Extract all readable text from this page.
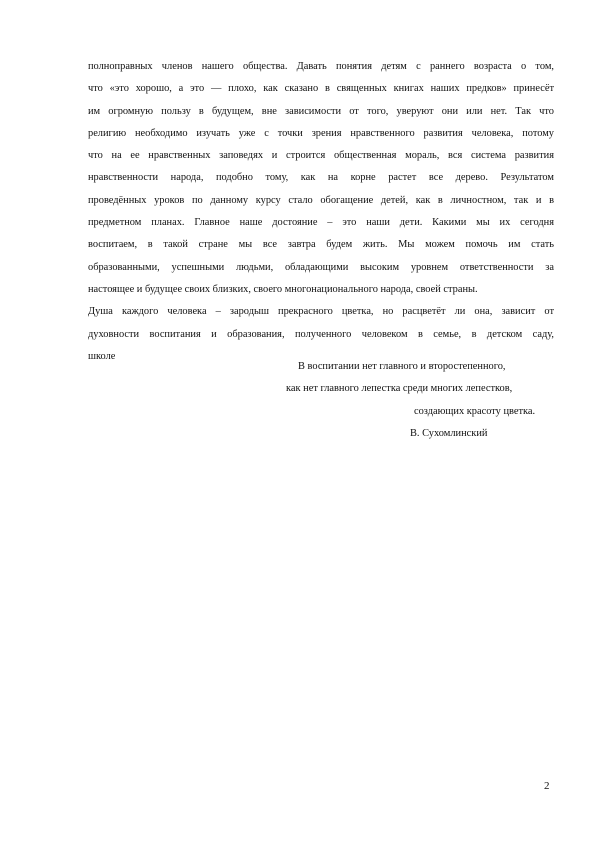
полноправных членов нашего общества. Давать понятия детям с раннего возраста о том,
что «это хорошо, а это — плохо, как сказано в священных книгах наших предков» принесёт
им огромную пользу в будущем, вне зависимости от того, уверуют они или нет. Так что
религию необходимо изучать уже с точки зрения нравственного развития человека, потому
что на ее нравственных заповедях и строится общественная мораль, вся система развития
нравственности народа, подобно тому, как на корне растет все дерево. Результатом
проведённых уроков по данному курсу стало обогащение детей, как в личностном, так и в
предметном планах. Главное наше достояние – это наши дети. Какими мы их сегодня
воспитаем, в такой стране мы все завтра будем жить. Мы можем помочь им стать
образованными, успешными людьми, обладающими высоким уровнем ответственности за
настоящее и будущее своих близких, своего многонационального народа, своей страны.
Душа каждого человека – зародыш прекрасного цветка, но расцветёт ли она, зависит от
духовности воспитания и образования, полученного человеком в семье, в детском саду,
школе
В воспитании нет главного и второстепенного,
как нет главного лепестка среди многих лепестков,
создающих красоту цветка.
В. Сухомлинский
2
